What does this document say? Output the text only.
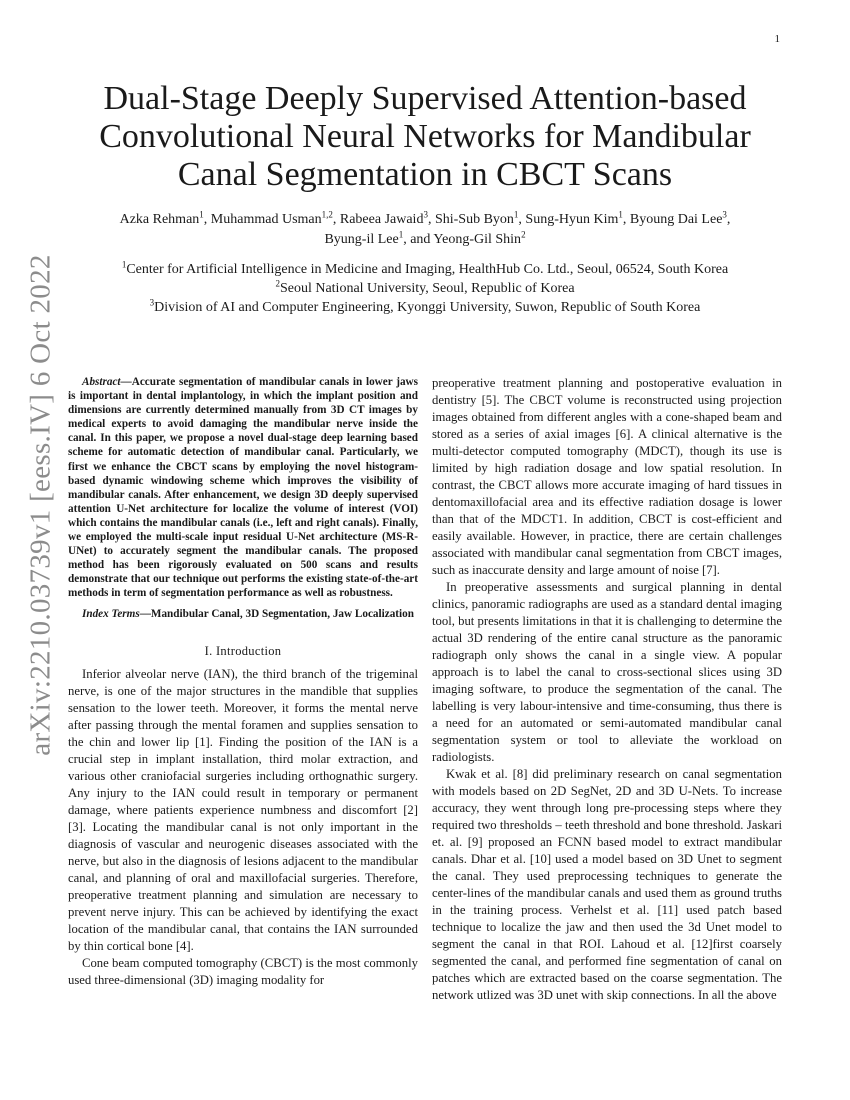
1
arXiv:2210.03739v1 [eess.IV] 6 Oct 2022
Dual-Stage Deeply Supervised Attention-based Convolutional Neural Networks for Mandibular Canal Segmentation in CBCT Scans
Azka Rehman$^1$, Muhammad Usman$^{1,2}$, Rabeea Jawaid$^3$, Shi-Sub Byon$^1$, Sung-Hyun Kim$^1$, Byoung Dai Lee$^3$,
Byung-il Lee$^1$, and Yeong-Gil Shin$^2$
$^1$Center for Artificial Intelligence in Medicine and Imaging, HealthHub Co. Ltd., Seoul, 06524, South Korea
$^2$Seoul National University, Seoul, Republic of Korea
$^3$Division of AI and Computer Engineering, Kyonggi University, Suwon, Republic of South Korea

Abstract—Accurate segmentation of mandibular canals in lower jaws is important in dental implantology, in which the implant position and dimensions are currently determined manually from 3D CT images by medical experts to avoid damaging the mandibular nerve inside the canal. In this paper, we propose a novel dual-stage deep learning based scheme for automatic detection of mandibular canal. Particularly, we first we enhance the CBCT scans by employing the novel histogram-based dynamic windowing scheme which improves the visibility of mandibular canals. After enhancement, we design 3D deeply supervised attention U-Net architecture for localize the volume of interest (VOI) which contains the mandibular canals (i.e., left and right canals). Finally, we employed the multi-scale input residual U-Net architecture (MS-R-UNet) to accurately segment the mandibular canals. The proposed method has been rigorously evaluated on 500 scans and results demonstrate that our technique out performs the existing state-of-the-art methods in term of segmentation performance as well as robustness.

Index Terms—Mandibular Canal, 3D Segmentation, Jaw Localization

I. Introduction

Inferior alveolar nerve (IAN), the third branch of the trigeminal nerve, is one of the major structures in the mandible that supplies sensation to the lower teeth. Moreover, it forms the mental nerve after passing through the mental foramen and supplies sensation to the chin and lower lip [1]. Finding the position of the IAN is a crucial step in implant installation, third molar extraction, and various other craniofacial surgeries including orthognathic surgery. Any injury to the IAN could result in temporary or permanent damage, where patients experience numbness and discomfort [2] [3]. Locating the mandibular canal is not only important in the diagnosis of vascular and neurogenic diseases associated with the nerve, but also in the diagnosis of lesions adjacent to the mandibular canal, and planning of oral and maxillofacial surgeries. Therefore, preoperative treatment planning and simulation are necessary to prevent nerve injury. This can be achieved by identifying the exact location of the mandibular canal, that contains the IAN surrounded by thin cortical bone [4].

Cone beam computed tomography (CBCT) is the most commonly used three-dimensional (3D) imaging modality for

preoperative treatment planning and postoperative evaluation in dentistry [5]. The CBCT volume is reconstructed using projection images obtained from different angles with a cone-shaped beam and stored as a series of axial images [6]. A clinical alternative is the multi-detector computed tomography (MDCT), though its use is limited by high radiation dosage and low spatial resolution. In contrast, the CBCT allows more accurate imaging of hard tissues in dentomaxillofacial area and its effective radiation dosage is lower than that of the MDCT1. In addition, CBCT is cost-efficient and easily available. However, in practice, there are certain challenges associated with mandibular canal segmentation from CBCT images, such as inaccurate density and large amount of noise [7].

In preoperative assessments and surgical planning in dental clinics, panoramic radiographs are used as a standard dental imaging tool, but presents limitations in that it is challenging to determine the actual 3D rendering of the entire canal structure as the panoramic radiograph only shows the canal in a single view. A popular approach is to label the canal to cross-sectional slices using 3D imaging software, to produce the segmentation of the canal. The labelling is very labour-intensive and time-consuming, thus there is a need for an automated or semi-automated mandibular canal segmentation system or tool to alleviate the workload on radiologists.

Kwak et al. [8] did preliminary research on canal segmentation with models based on 2D SegNet, 2D and 3D U-Nets. To increase accuracy, they went through long pre-processing steps where they required two thresholds – teeth threshold and bone threshold. Jaskari et. al. [9] proposed an FCNN based model to extract mandibular canals. Dhar et al. [10] used a model based on 3D Unet to segment the canal. They used preprocessing techniques to generate the center-lines of the mandibular canals and used them as ground truths in the training process. Verhelst et al. [11] used patch based technique to localize the jaw and then used the 3d Unet model to segment the canal in that ROI. Lahoud et al. [12]first coarsely segmented the canal, and performed fine segmentation of canal on patches which are extracted based on the coarse segmentation. The network utlized was 3D unet with skip connections. In all the above
